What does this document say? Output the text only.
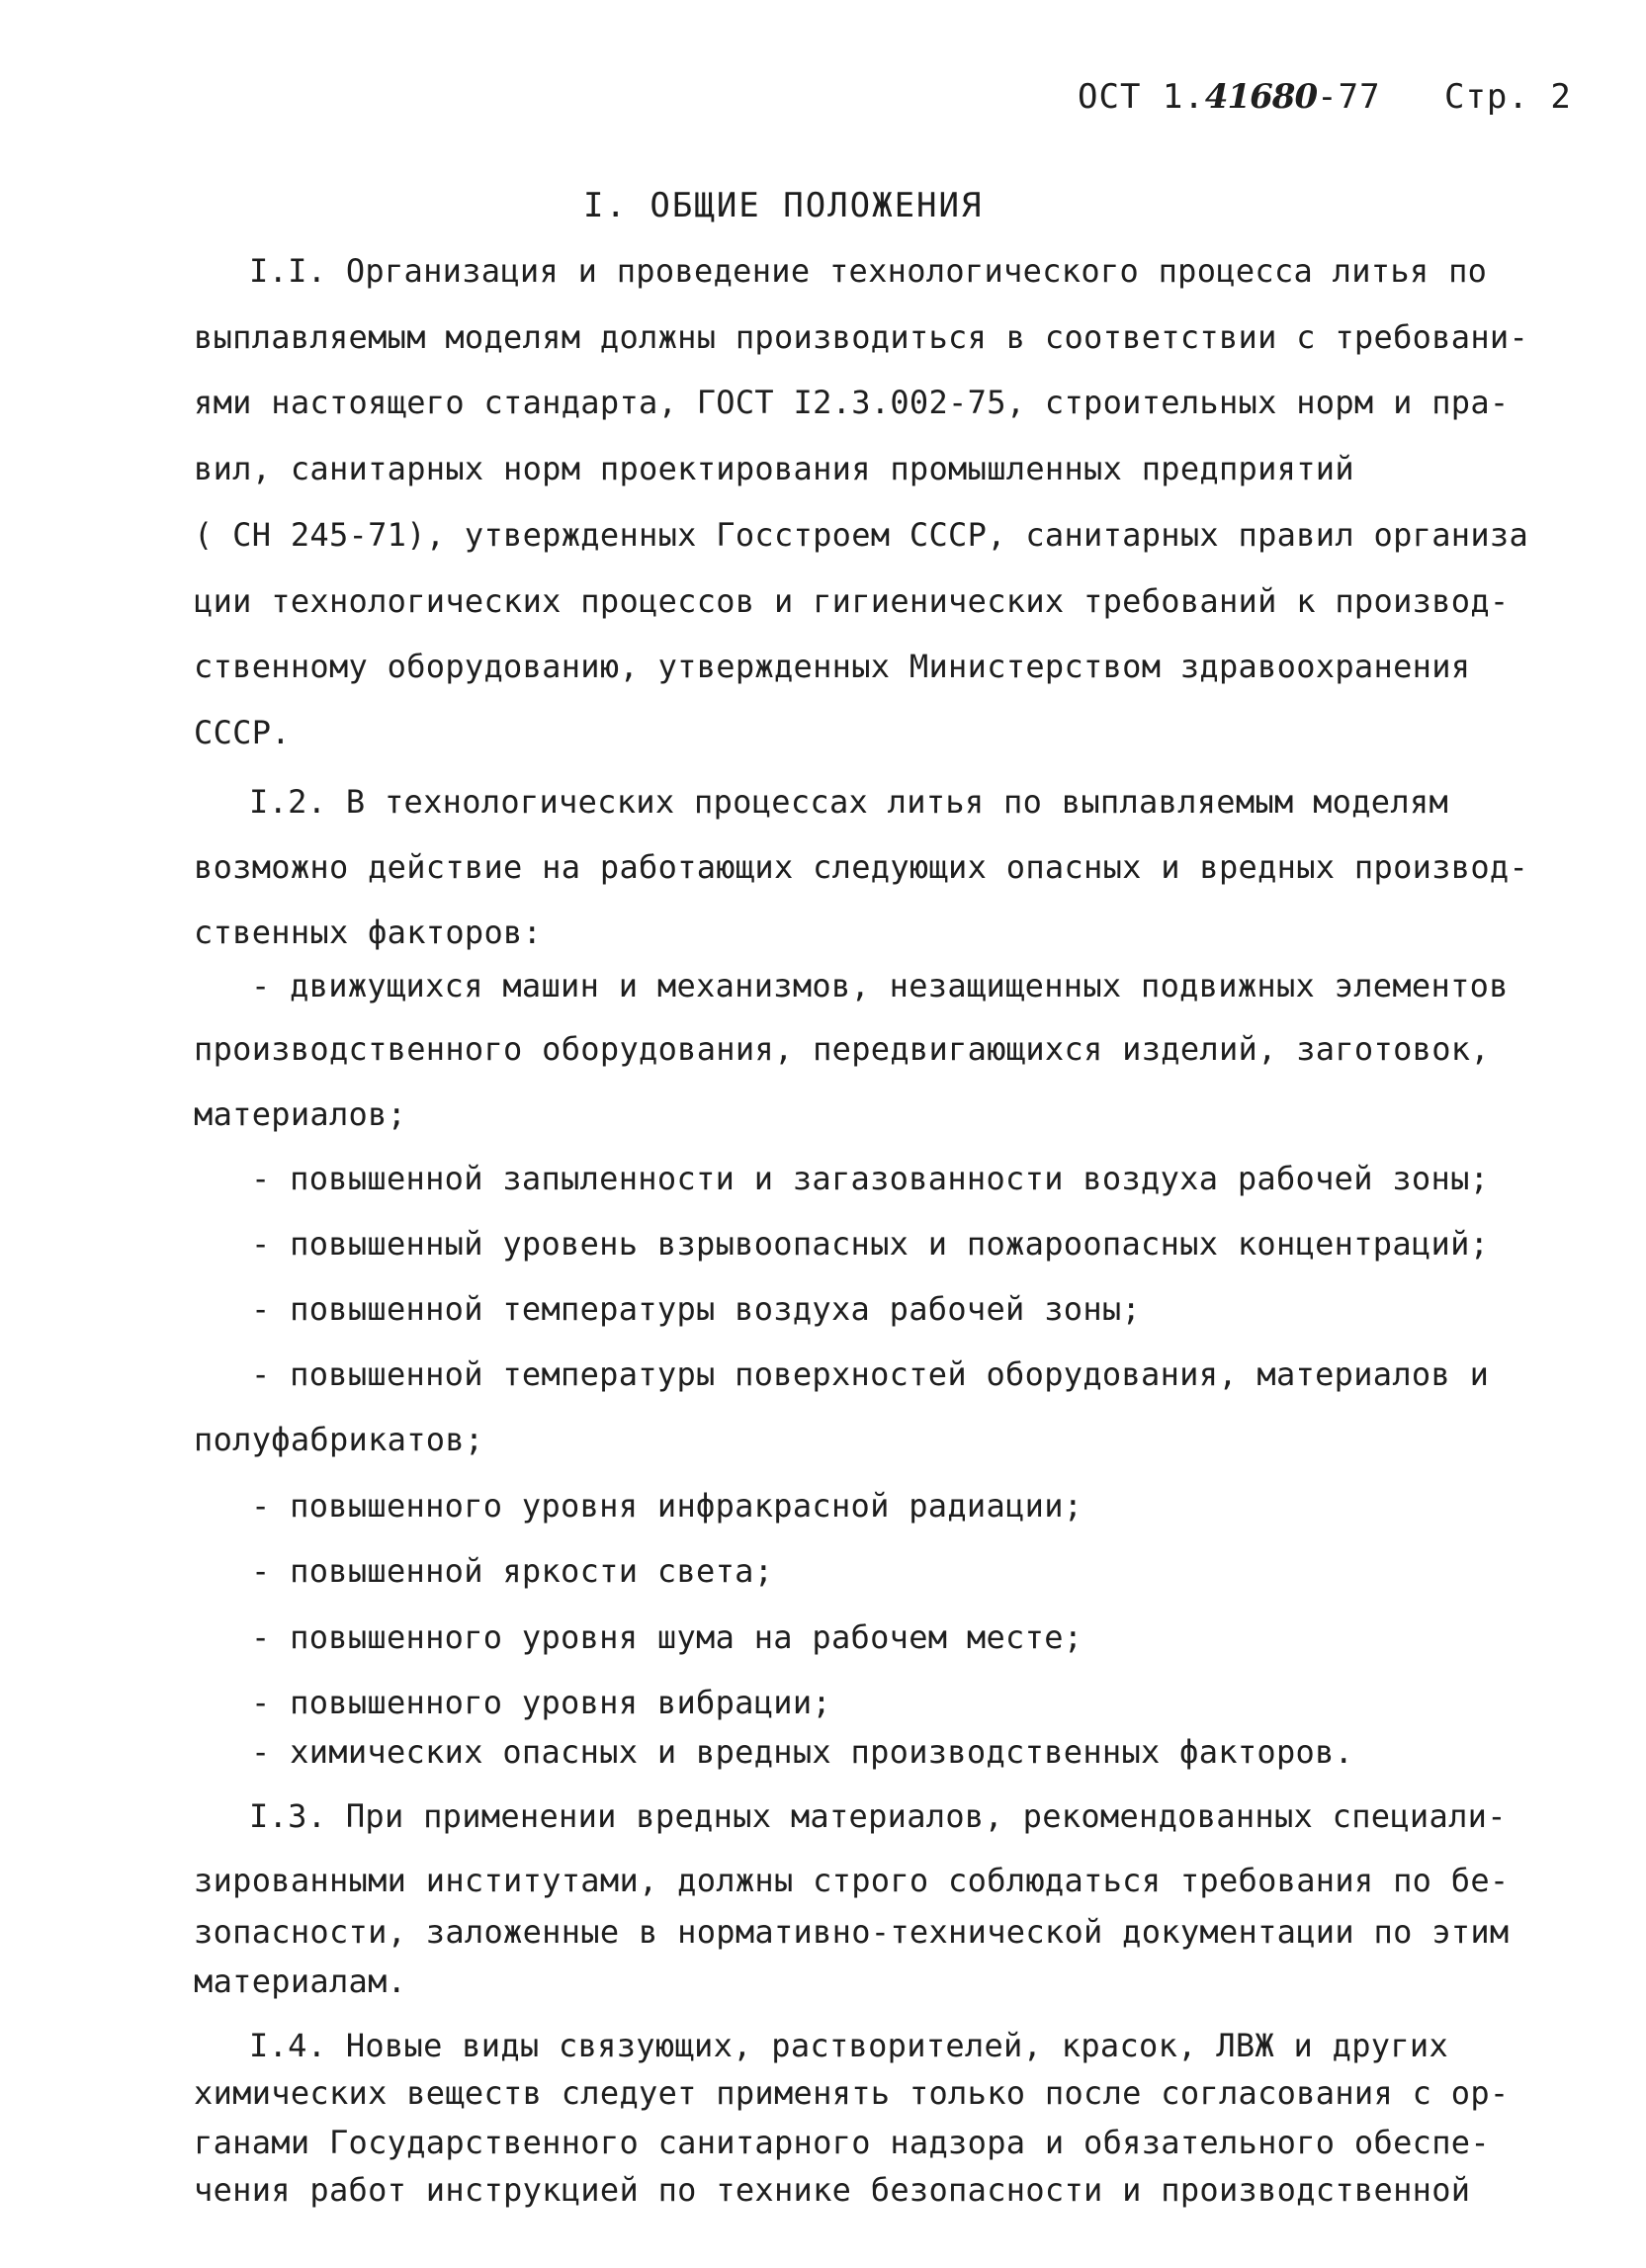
ОСТ 1.41680-77 Стр. 2
I. ОБЩИЕ ПОЛОЖЕНИЯ
I.I. Организация и проведение технологического процесса литья по
выплавляемым моделям должны производиться в соответствии с требовани-
ями настоящего стандарта, ГОСТ I2.3.002-75, строительных норм и пра-
вил, санитарных норм проектирования промышленных предприятий
( СН 245-71), утвержденных Госстроем СССР, санитарных правил организа
ции технологических процессов и гигиенических требований к производ-
ственному оборудованию, утвержденных Министерством здравоохранения
СССР.
I.2. В технологических процессах литья по выплавляемым моделям
возможно действие на работающих следующих опасных и вредных производ-
ственных факторов:
- движущихся машин и механизмов, незащищенных подвижных элементов
производственного оборудования, передвигающихся изделий, заготовок,
материалов;
- повышенной запыленности и загазованности воздуха рабочей зоны;
- повышенный уровень взрывоопасных и пожароопасных концентраций;
- повышенной температуры воздуха рабочей зоны;
- повышенной температуры поверхностей оборудования, материалов и
полуфабрикатов;
- повышенного уровня инфракрасной радиации;
- повышенной яркости света;
- повышенного уровня шума на рабочем месте;
- повышенного уровня вибрации;
- химических опасных и вредных производственных факторов.
I.3. При применении вредных материалов, рекомендованных специали-
зированными институтами, должны строго соблюдаться требования по бе-
зопасности, заложенные в нормативно-технической документации по этим
материалам.
I.4. Новые виды связующих, растворителей, красок, ЛВЖ и других
химических веществ следует применять только после согласования с ор-
ганами Государственного санитарного надзора и обязательного обеспе-
чения работ инструкцией по технике безопасности и производственной
